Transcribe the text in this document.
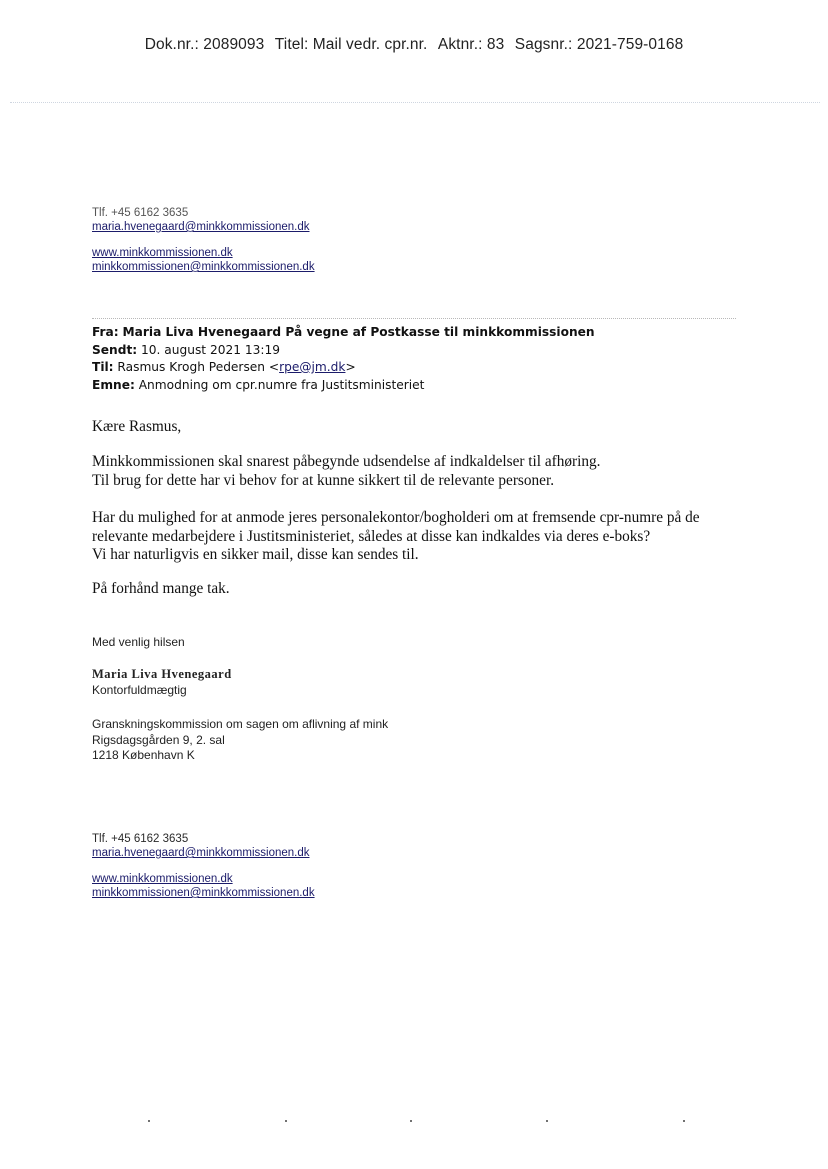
Dok.nr.: 2089093 Titel: Mail vedr. cpr.nr. Aktnr.: 83 Sagsnr.: 2021-759-0168
Tlf. +45 6162 3635
maria.hvenegaard@minkkommissionen.dk
www.minkkommissionen.dk
minkkommissionen@minkkommissionen.dk
Fra: Maria Liva Hvenegaard På vegne af Postkasse til minkkommissionen
Sendt: 10. august 2021 13:19
Til: Rasmus Krogh Pedersen <rpe@jm.dk>
Emne: Anmodning om cpr.numre fra Justitsministeriet
Kære Rasmus,
Minkkommissionen skal snarest påbegynde udsendelse af indkaldelser til afhøring.
Til brug for dette har vi behov for at kunne sikkert til de relevante personer.
Har du mulighed for at anmode jeres personalekontor/bogholderi om at fremsende cpr-numre på de
relevante medarbejdere i Justitsministeriet, således at disse kan indkaldes via deres e-boks?
Vi har naturligvis en sikker mail, disse kan sendes til.
På forhånd mange tak.
Med venlig hilsen
Maria Liva Hvenegaard
Kontorfuldmægtig
Granskningskommission om sagen om aflivning af mink
Rigsdagsgården 9, 2. sal
1218 København K
Tlf. +45 6162 3635
maria.hvenegaard@minkkommissionen.dk
www.minkkommissionen.dk
minkkommissionen@minkkommissionen.dk
